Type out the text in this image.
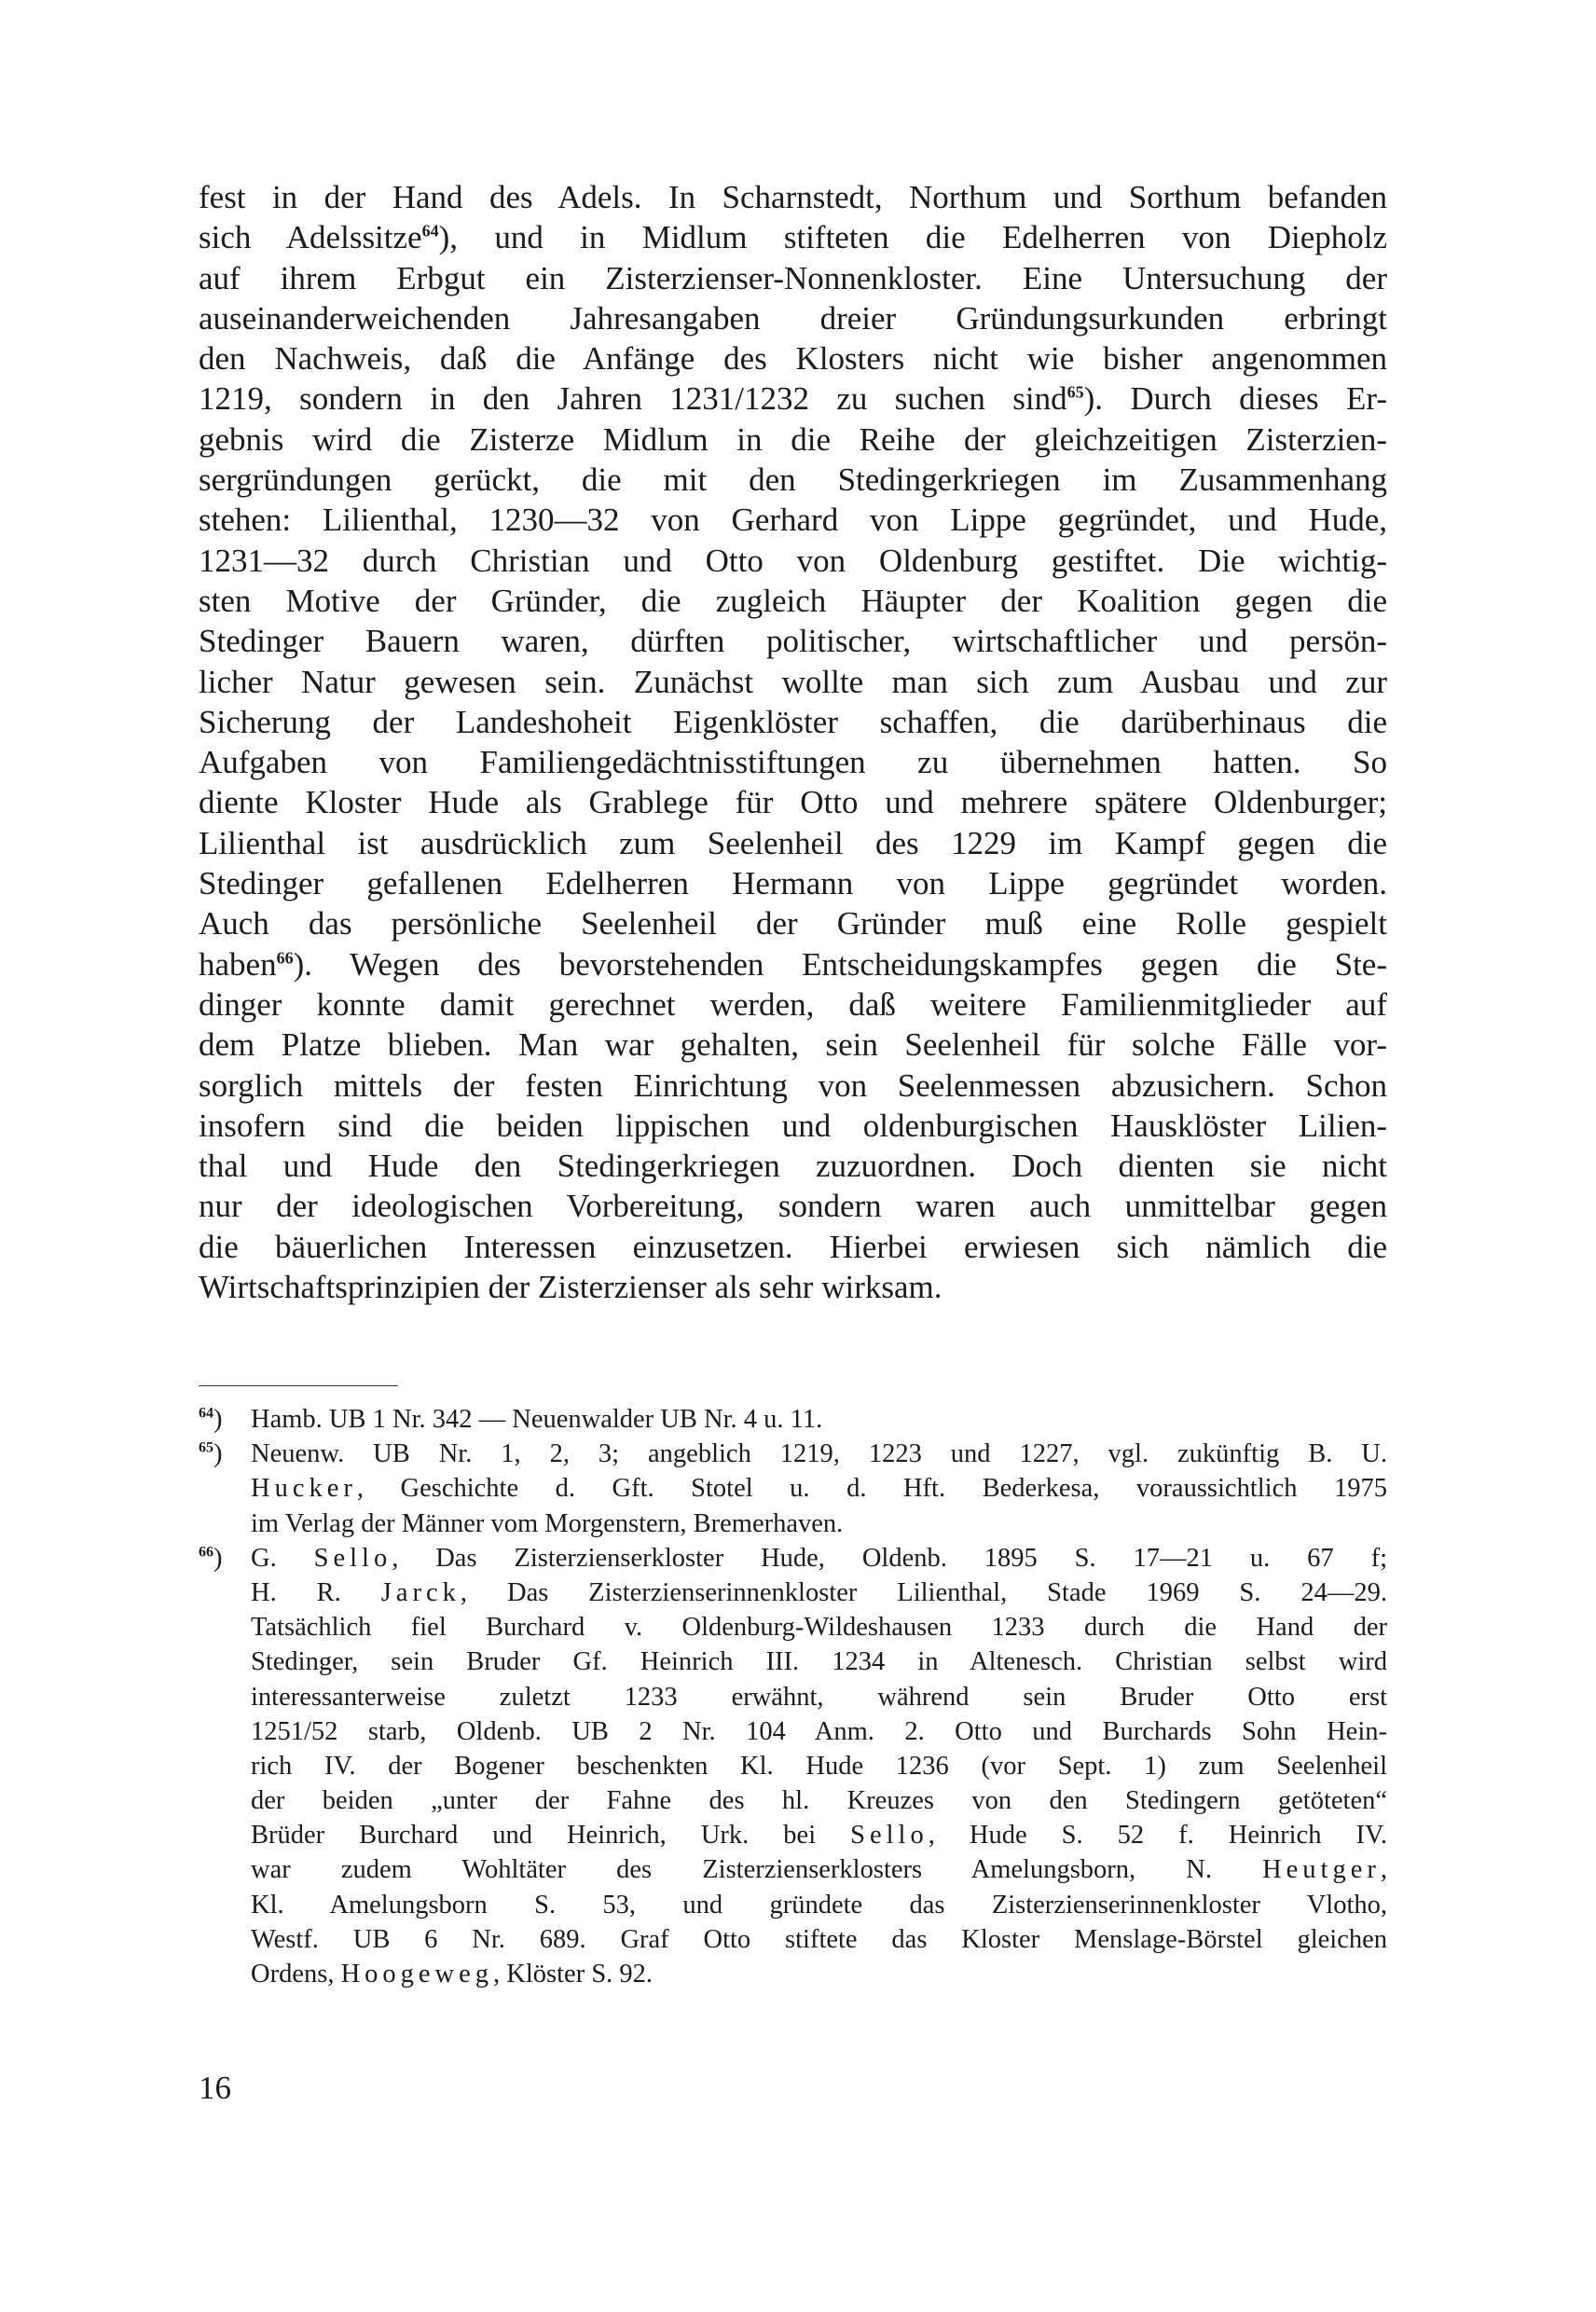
fest in der Hand des Adels. In Scharnstedt, Northum und Sorthum befanden
sich Adelssitze$^{64}$), und in Midlum stifteten die Edelherren von Diepholz
auf ihrem Erbgut ein Zisterzienser-Nonnenkloster. Eine Untersuchung der
auseinanderweichenden Jahresangaben dreier Gründungsurkunden erbringt
den Nachweis, daß die Anfänge des Klosters nicht wie bisher angenommen
1219, sondern in den Jahren 1231/1232 zu suchen sind$^{65}$). Durch dieses Er-
gebnis wird die Zisterze Midlum in die Reihe der gleichzeitigen Zisterzien-
sergründungen gerückt, die mit den Stedingerkriegen im Zusammenhang
stehen: Lilienthal, 1230—32 von Gerhard von Lippe gegründet, und Hude,
1231—32 durch Christian und Otto von Oldenburg gestiftet. Die wichtig-
sten Motive der Gründer, die zugleich Häupter der Koalition gegen die
Stedinger Bauern waren, dürften politischer, wirtschaftlicher und persön-
licher Natur gewesen sein. Zunächst wollte man sich zum Ausbau und zur
Sicherung der Landeshoheit Eigenklöster schaffen, die darüberhinaus die
Aufgaben von Familiengedächtnisstiftungen zu übernehmen hatten. So
diente Kloster Hude als Grablege für Otto und mehrere spätere Oldenburger;
Lilienthal ist ausdrücklich zum Seelenheil des 1229 im Kampf gegen die
Stedinger gefallenen Edelherren Hermann von Lippe gegründet worden.
Auch das persönliche Seelenheil der Gründer muß eine Rolle gespielt
haben$^{66}$). Wegen des bevorstehenden Entscheidungskampfes gegen die Ste-
dinger konnte damit gerechnet werden, daß weitere Familienmitglieder auf
dem Platze blieben. Man war gehalten, sein Seelenheil für solche Fälle vor-
sorglich mittels der festen Einrichtung von Seelenmessen abzusichern. Schon
insofern sind die beiden lippischen und oldenburgischen Hausklöster Lilien-
thal und Hude den Stedingerkriegen zuzuordnen. Doch dienten sie nicht
nur der ideologischen Vorbereitung, sondern waren auch unmittelbar gegen
die bäuerlichen Interessen einzusetzen. Hierbei erwiesen sich nämlich die
Wirtschaftsprinzipien der Zisterzienser als sehr wirksam.
$^{64}$) Hamb. UB 1 Nr. 342 — Neuenwalder UB Nr. 4 u. 11.
$^{65}$) Neuenw. UB Nr. 1, 2, 3; angeblich 1219, 1223 und 1227, vgl. zukünftig B. U.
Hucker, Geschichte d. Gft. Stotel u. d. Hft. Bederkesa, voraussichtlich 1975
im Verlag der Männer vom Morgenstern, Bremerhaven.
$^{66}$) G. Sello, Das Zisterzienserkloster Hude, Oldenb. 1895 S. 17—21 u. 67 f;
H. R. Jarck, Das Zisterzienserinnenkloster Lilienthal, Stade 1969 S. 24—29.
Tatsächlich fiel Burchard v. Oldenburg-Wildeshausen 1233 durch die Hand der
Stedinger, sein Bruder Gf. Heinrich III. 1234 in Altenesch. Christian selbst wird
interessanterweise zuletzt 1233 erwähnt, während sein Bruder Otto erst
1251/52 starb, Oldenb. UB 2 Nr. 104 Anm. 2. Otto und Burchards Sohn Hein-
rich IV. der Bogener beschenkten Kl. Hude 1236 (vor Sept. 1) zum Seelenheil
der beiden „unter der Fahne des hl. Kreuzes von den Stedingern getöteten“
Brüder Burchard und Heinrich, Urk. bei Sello, Hude S. 52 f. Heinrich IV.
war zudem Wohltäter des Zisterzienserklosters Amelungsborn, N. Heutger,
Kl. Amelungsborn S. 53, und gründete das Zisterzienserinnenkloster Vlotho,
Westf. UB 6 Nr. 689. Graf Otto stiftete das Kloster Menslage-Börstel gleichen
Ordens, Hoogeweg, Klöster S. 92.
16
